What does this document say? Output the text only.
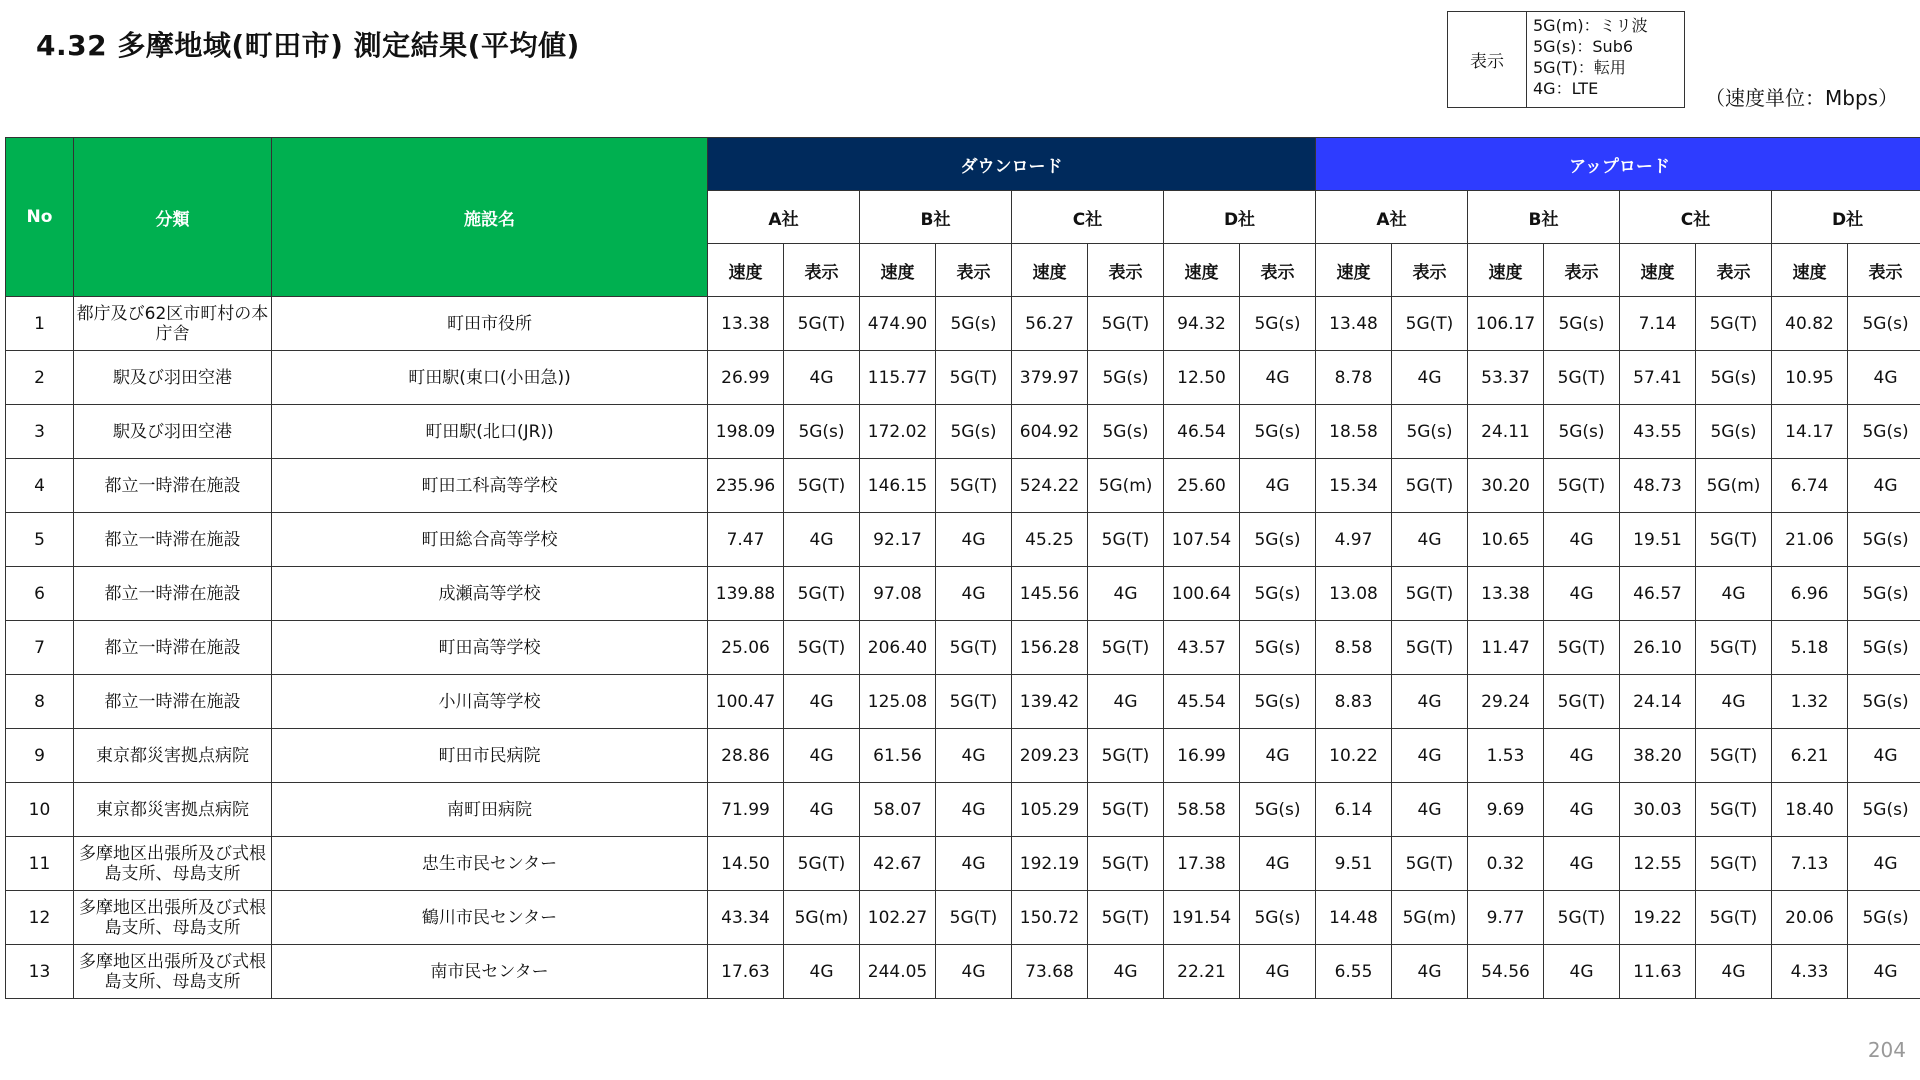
4.32 多摩地域(町田市) 測定結果(平均値)	表示
5G(m)：ミリ波
5G(s)：Sub6
5G(T)：転用
4G：LTE	（速度単位：Mbps）
No	分類	施設名	ダウンロード								アップロード							
			A社		B社		C社		D社		A社		B社		C社		D社	
			速度	表示	速度	表示	速度	表示	速度	表示	速度	表示	速度	表示	速度	表示	速度	表示
1	都庁及び62区市町村の本庁舎	町田市役所	13.38	5G(T)	474.90	5G(s)	56.27	5G(T)	94.32	5G(s)	13.48	5G(T)	106.17	5G(s)	7.14	5G(T)	40.82	5G(s)
2	駅及び羽田空港	町田駅(東口(小田急))	26.99	4G	115.77	5G(T)	379.97	5G(s)	12.50	4G	8.78	4G	53.37	5G(T)	57.41	5G(s)	10.95	4G
3	駅及び羽田空港	町田駅(北口(JR))	198.09	5G(s)	172.02	5G(s)	604.92	5G(s)	46.54	5G(s)	18.58	5G(s)	24.11	5G(s)	43.55	5G(s)	14.17	5G(s)
4	都立一時滞在施設	町田工科高等学校	235.96	5G(T)	146.15	5G(T)	524.22	5G(m)	25.60	4G	15.34	5G(T)	30.20	5G(T)	48.73	5G(m)	6.74	4G
5	都立一時滞在施設	町田総合高等学校	7.47	4G	92.17	4G	45.25	5G(T)	107.54	5G(s)	4.97	4G	10.65	4G	19.51	5G(T)	21.06	5G(s)
6	都立一時滞在施設	成瀬高等学校	139.88	5G(T)	97.08	4G	145.56	4G	100.64	5G(s)	13.08	5G(T)	13.38	4G	46.57	4G	6.96	5G(s)
7	都立一時滞在施設	町田高等学校	25.06	5G(T)	206.40	5G(T)	156.28	5G(T)	43.57	5G(s)	8.58	5G(T)	11.47	5G(T)	26.10	5G(T)	5.18	5G(s)
8	都立一時滞在施設	小川高等学校	100.47	4G	125.08	5G(T)	139.42	4G	45.54	5G(s)	8.83	4G	29.24	5G(T)	24.14	4G	1.32	5G(s)
9	東京都災害拠点病院	町田市民病院	28.86	4G	61.56	4G	209.23	5G(T)	16.99	4G	10.22	4G	1.53	4G	38.20	5G(T)	6.21	4G
10	東京都災害拠点病院	南町田病院	71.99	4G	58.07	4G	105.29	5G(T)	58.58	5G(s)	6.14	4G	9.69	4G	30.03	5G(T)	18.40	5G(s)
11	多摩地区出張所及び式根島支所、母島支所	忠生市民センター	14.50	5G(T)	42.67	4G	192.19	5G(T)	17.38	4G	9.51	5G(T)	0.32	4G	12.55	5G(T)	7.13	4G
12	多摩地区出張所及び式根島支所、母島支所	鶴川市民センター	43.34	5G(m)	102.27	5G(T)	150.72	5G(T)	191.54	5G(s)	14.48	5G(m)	9.77	5G(T)	19.22	5G(T)	20.06	5G(s)
13	多摩地区出張所及び式根島支所、母島支所	南市民センター	17.63	4G	244.05	4G	73.68	4G	22.21	4G	6.55	4G	54.56	4G	11.63	4G	4.33	4G
204
